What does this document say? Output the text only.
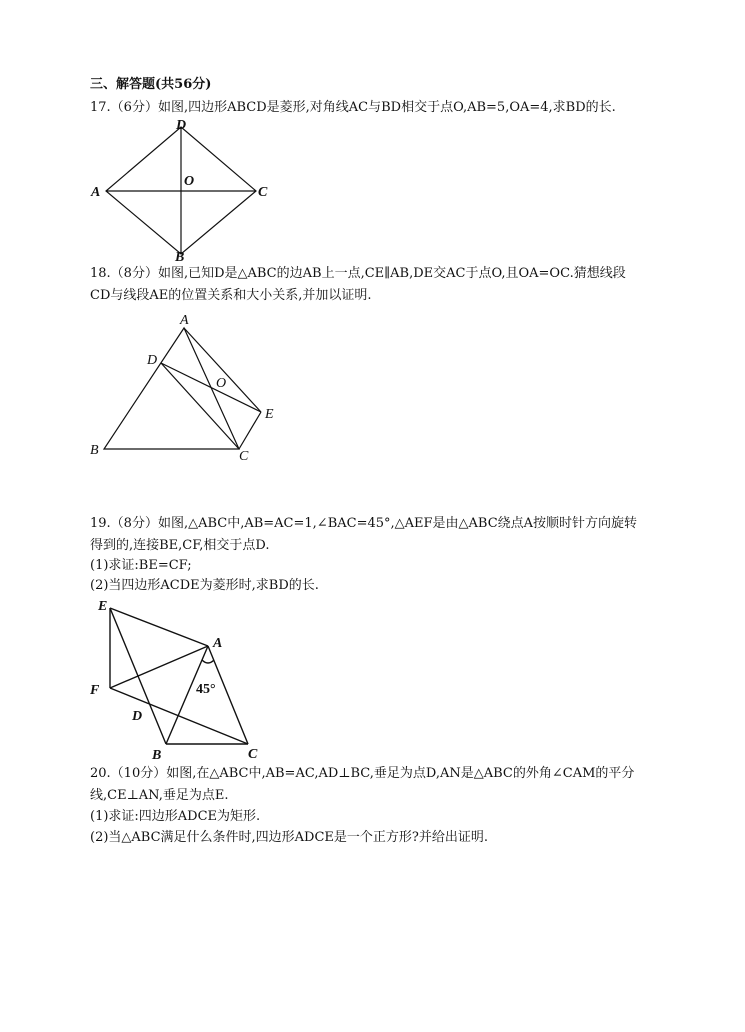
三、解答题(共56分)
17.（6分）如图,四边形ABCD是菱形,对角线AC与BD相交于点O,AB=5,OA=4,求BD的长.
D
A	C
B
O
18.（8分）如图,已知D是△ABC的边AB上一点,CE∥AB,DE交AC于点O,且OA=OC.猜想线段
CD与线段AE的位置关系和大小关系,并加以证明.
A
D
O
E
B	C
19.（8分）如图,△ABC中,AB=AC=1,∠BAC=45°,△AEF是由△ABC绕点A按顺时针方向旋转
得到的,连接BE,CF,相交于点D.
(1)求证:BE=CF;
(2)当四边形ACDE为菱形时,求BD的长.
E
A
F
D
B	C
45°
20.（10分）如图,在△ABC中,AB=AC,AD⊥BC,垂足为点D,AN是△ABC的外角∠CAM的平分
线,CE⊥AN,垂足为点E.
(1)求证:四边形ADCE为矩形.
(2)当△ABC满足什么条件时,四边形ADCE是一个正方形?并给出证明.
